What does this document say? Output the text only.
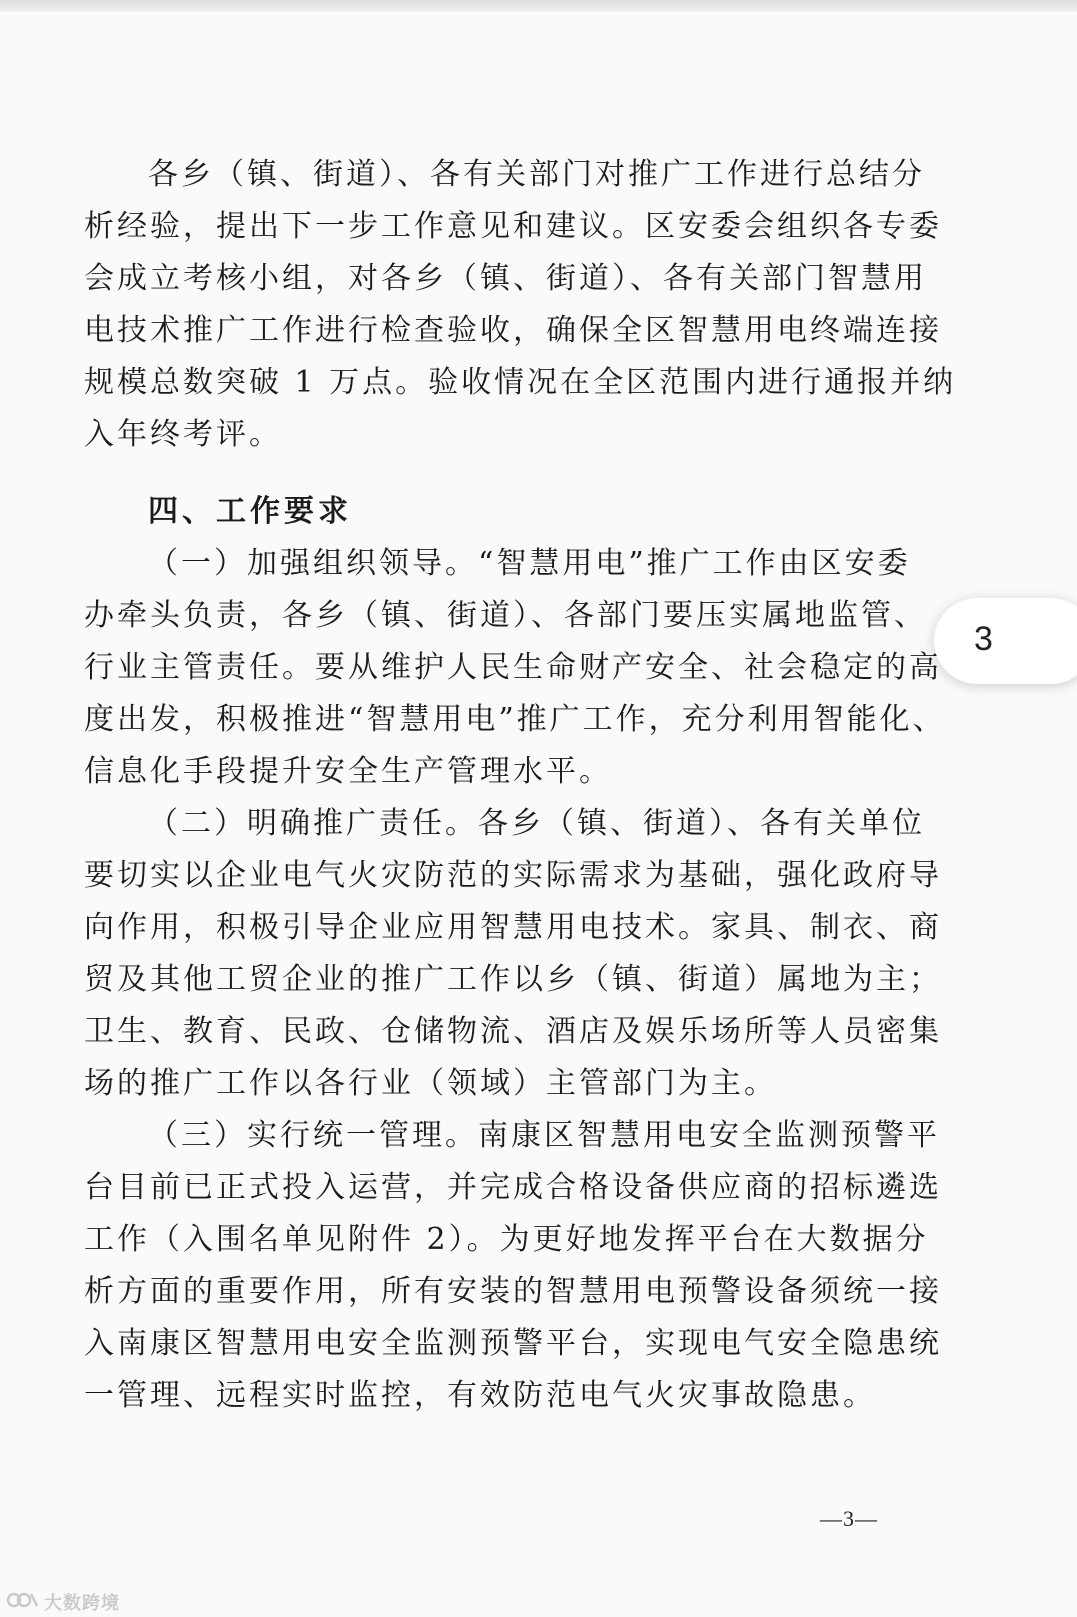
各乡（镇、街道）、各有关部门对推广工作进行总结分
析经验，提出下一步工作意见和建议。区安委会组织各专委
会成立考核小组，对各乡（镇、街道）、各有关部门智慧用
电技术推广工作进行检查验收，确保全区智慧用电终端连接
规模总数突破 1 万点。验收情况在全区范围内进行通报并纳
入年终考评。
四、工作要求
（一）加强组织领导。“智慧用电”推广工作由区安委
办牵头负责，各乡（镇、街道）、各部门要压实属地监管、
行业主管责任。要从维护人民生命财产安全、社会稳定的高
度出发，积极推进“智慧用电”推广工作，充分利用智能化、
信息化手段提升安全生产管理水平。
（二）明确推广责任。各乡（镇、街道）、各有关单位
要切实以企业电气火灾防范的实际需求为基础，强化政府导
向作用，积极引导企业应用智慧用电技术。家具、制衣、商
贸及其他工贸企业的推广工作以乡（镇、街道）属地为主；
卫生、教育、民政、仓储物流、酒店及娱乐场所等人员密集
场的推广工作以各行业（领域）主管部门为主。
（三）实行统一管理。南康区智慧用电安全监测预警平
台目前已正式投入运营，并完成合格设备供应商的招标遴选
工作（入围名单见附件 2）。为更好地发挥平台在大数据分
析方面的重要作用，所有安装的智慧用电预警设备须统一接
入南康区智慧用电安全监测预警平台，实现电气安全隐患统
一管理、远程实时监控，有效防范电气火灾事故隐患。
—3—
3
大数跨境
